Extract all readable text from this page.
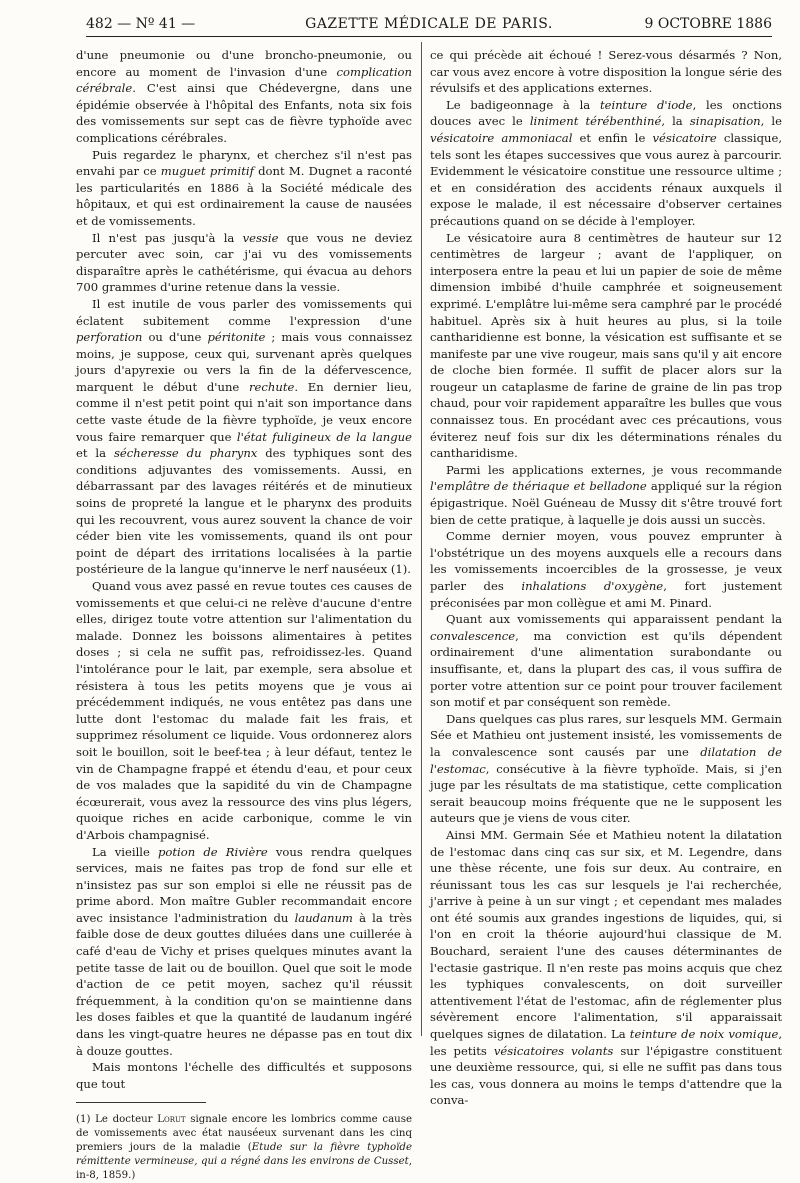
482 — Nº 41 —	GAZETTE MÉDICALE DE PARIS.	9 OCTOBRE 1886

d'une pneumonie ou d'une broncho-pneumonie, ou encore au moment de l'invasion d'une complication cérébrale. C'est ainsi que Chédevergne, dans une épidémie observée à l'hôpital des Enfants, nota six fois des vomissements sur sept cas de fièvre typhoïde avec complications cérébrales.

Puis regardez le pharynx, et cherchez s'il n'est pas envahi par ce muguet primitif dont M. Dugnet a raconté les particularités en 1886 à la Société médicale des hôpitaux, et qui est ordinairement la cause de nausées et de vomissements.

Il n'est pas jusqu'à la vessie que vous ne deviez percuter avec soin, car j'ai vu des vomissements disparaître après le cathétérisme, qui évacua au dehors 700 grammes d'urine retenue dans la vessie.

Il est inutile de vous parler des vomissements qui éclatent subitement comme l'expression d'une perforation ou d'une péritonite ; mais vous connaissez moins, je suppose, ceux qui, survenant après quelques jours d'apyrexie ou vers la fin de la défervescence, marquent le début d'une rechute. En dernier lieu, comme il n'est petit point qui n'ait son importance dans cette vaste étude de la fièvre typhoïde, je veux encore vous faire remarquer que l'état fuligineux de la langue et la sécheresse du pharynx des typhiques sont des conditions adjuvantes des vomissements. Aussi, en débarrassant par des lavages réitérés et de minutieux soins de propreté la langue et le pharynx des produits qui les recouvrent, vous aurez souvent la chance de voir céder bien vite les vomissements, quand ils ont pour point de départ des irritations localisées à la partie postérieure de la langue qu'innerve le nerf nauséeux (1).

Quand vous avez passé en revue toutes ces causes de vomissements et que celui-ci ne relève d'aucune d'entre elles, dirigez toute votre attention sur l'alimentation du malade. Donnez les boissons alimentaires à petites doses ; si cela ne suffit pas, refroidissez-les. Quand l'intolérance pour le lait, par exemple, sera absolue et résistera à tous les petits moyens que je vous ai précédemment indiqués, ne vous entêtez pas dans une lutte dont l'estomac du malade fait les frais, et supprimez résolument ce liquide. Vous ordonnerez alors soit le bouillon, soit le beef-tea ; à leur défaut, tentez le vin de Champagne frappé et étendu d'eau, et pour ceux de vos malades que la sapidité du vin de Champagne écœurerait, vous avez la ressource des vins plus légers, quoique riches en acide carbonique, comme le vin d'Arbois champagnisé.

La vieille potion de Rivière vous rendra quelques services, mais ne faites pas trop de fond sur elle et n'insistez pas sur son emploi si elle ne réussit pas de prime abord. Mon maître Gubler recommandait encore avec insistance l'administration du laudanum à la très faible dose de deux gouttes diluées dans une cuillerée à café d'eau de Vichy et prises quelques minutes avant la petite tasse de lait ou de bouillon. Quel que soit le mode d'action de ce petit moyen, sachez qu'il réussit fréquemment, à la condition qu'on se maintienne dans les doses faibles et que la quantité de laudanum ingéré dans les vingt-quatre heures ne dépasse pas en tout dix à douze gouttes.

Mais montons l'échelle des difficultés et supposons que tout

(1) Le docteur Lorut signale encore les lombrics comme cause de vomissements avec état nauséeux survenant dans les cinq premiers jours de la maladie (Etude sur la fièvre typhoïde rémittente vermineuse, qui a régné dans les environs de Cusset, in-8, 1859.)

ce qui précède ait échoué ! Serez-vous désarmés ? Non, car vous avez encore à votre disposition la longue série des révulsifs et des applications externes.

Le badigeonnage à la teinture d'iode, les onctions douces avec le liniment térébenthiné, la sinapisation, le vésicatoire ammoniacal et enfin le vésicatoire classique, tels sont les étapes successives que vous aurez à parcourir. Evidemment le vésicatoire constitue une ressource ultime ; et en considération des accidents rénaux auxquels il expose le malade, il est nécessaire d'observer certaines précautions quand on se décide à l'employer.

Le vésicatoire aura 8 centimètres de hauteur sur 12 centimètres de largeur ; avant de l'appliquer, on interposera entre la peau et lui un papier de soie de même dimension imbibé d'huile camphrée et soigneusement exprimé. L'emplâtre lui-même sera camphré par le procédé habituel. Après six à huit heures au plus, si la toile cantharidienne est bonne, la vésication est suffisante et se manifeste par une vive rougeur, mais sans qu'il y ait encore de cloche bien formée. Il suffit de placer alors sur la rougeur un cataplasme de farine de graine de lin pas trop chaud, pour voir rapidement apparaître les bulles que vous connaissez tous. En procédant avec ces précautions, vous éviterez neuf fois sur dix les déterminations rénales du cantharidisme.

Parmi les applications externes, je vous recommande l'emplâtre de thériaque et belladone appliqué sur la région épigastrique. Noël Guéneau de Mussy dit s'être trouvé fort bien de cette pratique, à laquelle je dois aussi un succès.

Comme dernier moyen, vous pouvez emprunter à l'obstétrique un des moyens auxquels elle a recours dans les vomissements incoercibles de la grossesse, je veux parler des inhalations d'oxygène, fort justement préconisées par mon collègue et ami M. Pinard.

Quant aux vomissements qui apparaissent pendant la convalescence, ma conviction est qu'ils dépendent ordinairement d'une alimentation surabondante ou insuffisante, et, dans la plupart des cas, il vous suffira de porter votre attention sur ce point pour trouver facilement son motif et par conséquent son remède.

Dans quelques cas plus rares, sur lesquels MM. Germain Sée et Mathieu ont justement insisté, les vomissements de la convalescence sont causés par une dilatation de l'estomac, consécutive à la fièvre typhoïde. Mais, si j'en juge par les résultats de ma statistique, cette complication serait beaucoup moins fréquente que ne le supposent les auteurs que je viens de vous citer.

Ainsi MM. Germain Sée et Mathieu notent la dilatation de l'estomac dans cinq cas sur six, et M. Legendre, dans une thèse récente, une fois sur deux. Au contraire, en réunissant tous les cas sur lesquels je l'ai recherchée, j'arrive à peine à un sur vingt ; et cependant mes malades ont été soumis aux grandes ingestions de liquides, qui, si l'on en croit la théorie aujourd'hui classique de M. Bouchard, seraient l'une des causes déterminantes de l'ectasie gastrique. Il n'en reste pas moins acquis que chez les typhiques convalescents, on doit surveiller attentivement l'état de l'estomac, afin de réglementer plus sévèrement encore l'alimentation, s'il apparaissait quelques signes de dilatation. La teinture de noix vomique, les petits vésicatoires volants sur l'épigastre constituent une deuxième ressource, qui, si elle ne suffit pas dans tous les cas, vous donnera au moins le temps d'attendre que la conva-
